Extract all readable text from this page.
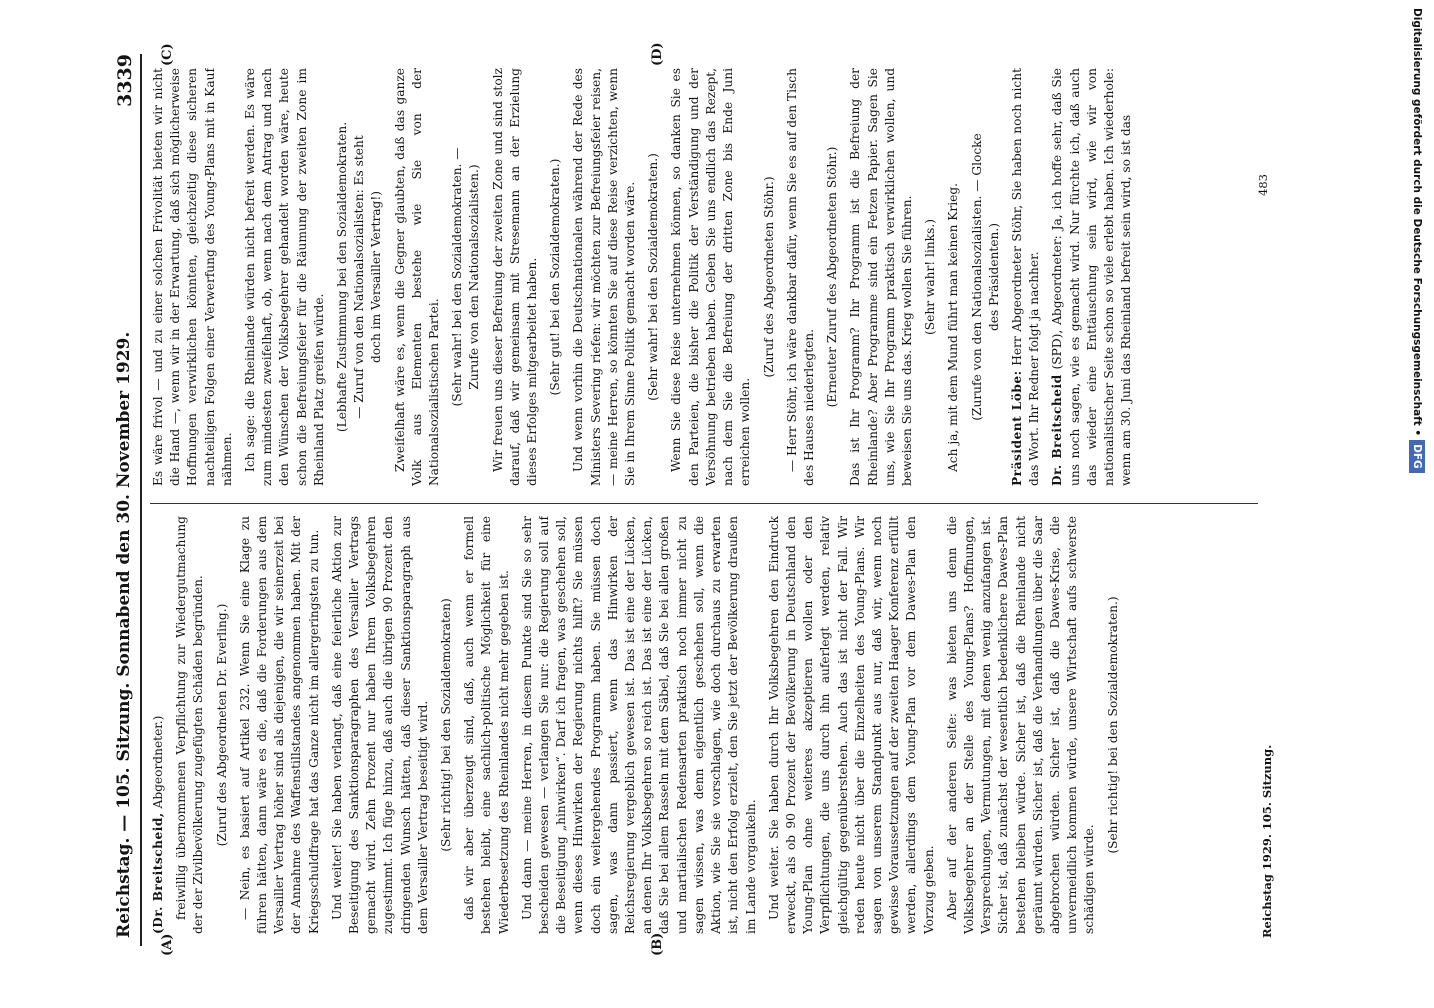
Reichstag. — 105. Sitzung. Sonnabend den 30. November 1929.
3339
(A)	(B)
(C)	(D)

(Dr. Breitscheid, Abgeordneter.) freiwillig übernommenen Verpflichtung zur Wiedergutmachung der der Zivilbevölkerung zugefügten Schäden begründen. (Zuruf des Abgeordneten Dr. Everling.) — Nein, es basiert auf Artikel 232. Wenn Sie eine Klage zu führen hätten, dann wäre es die, daß die Forderungen aus dem Versailler Vertrag höher sind als diejenigen, die wir seinerzeit bei der Annahme des Waffenstillstandes angenommen haben. Mit der Kriegsschuldfrage hat das Ganze nicht im allergeringsten zu tun. Und weiter! Sie haben verlangt, daß eine feierliche Aktion zur Beseitigung des Sanktionsparagraphen des Versailler Vertrags gemacht wird. Zehn Prozent nur haben Ihrem Volksbegehren zugestimmt. Ich füge hinzu, daß auch die übrigen 90 Prozent den dringenden Wunsch hätten, daß dieser Sanktionsparagraph aus dem Versailler Vertrag beseitigt wird. (Sehr richtig! bei den Sozialdemokraten) daß wir aber überzeugt sind, daß, auch wenn er formell bestehen bleibt, eine sachlich-politische Möglichkeit für eine Wiederbesetzung des Rheinlandes nicht mehr gegeben ist. Und dann — meine Herren, in diesem Punkte sind Sie so sehr bescheiden gewesen — verlangen Sie nur: die Regierung soll auf die Beseitigung „hinwirken“. Darf ich fragen, was geschehen soll, wenn dieses Hinwirken der Regierung nichts hilft? Sie müssen doch ein weitergehendes Programm haben. Sie müssen doch sagen, was dann passiert, wenn das Hinwirken der Reichsregierung vergeblich gewesen ist. Das ist eine der Lücken, an denen Ihr Volksbegehren so reich ist. Das ist eine der Lücken, daß Sie bei allem Rasseln mit dem Säbel, daß Sie bei allen großen und martialischen Redensarten praktisch noch immer nicht zu sagen wissen, was denn eigentlich geschehen soll, wenn die Aktion, wie Sie sie vorschlagen, wie doch durchaus zu erwarten ist, nicht den Erfolg erzielt, den Sie jetzt der Bevölkerung draußen im Lande vorgaukeln. Und weiter. Sie haben durch Ihr Volksbegehren den Eindruck erweckt, als ob 90 Prozent der Bevölkerung in Deutschland den Young-Plan ohne weiteres akzeptieren wollen oder den Verpflichtungen, die uns durch ihn auferlegt werden, relativ gleichgültig gegenüberstehen. Auch das ist nicht der Fall. Wir reden heute nicht über die Einzelheiten des Young-Plans. Wir sagen von unserem Standpunkt aus nur, daß wir, wenn noch gewisse Voraussetzungen auf der zweiten Haager Konferenz erfüllt werden, allerdings dem Young-Plan vor dem Dawes-Plan den Vorzug geben. Aber auf der anderen Seite: was bieten uns denn die Volksbegehrer an der Stelle des Young-Plans? Hoffnungen, Versprechungen, Vermutungen, mit denen wenig anzufangen ist. Sicher ist, daß zunächst der wesentlich bedenklichere Dawes-Plan bestehen bleiben würde. Sicher ist, daß die Rheinlande nicht geräumt würden. Sicher ist, daß die Verhandlungen über die Saar abgebrochen würden. Sicher ist, daß die Dawes-Krise, die unvermeidlich kommen würde, unsere Wirtschaft aufs schwerste schädigen würde.

(Sehr richtig! bei den Sozialdemokraten.)

Es wäre frivol — und zu einer solchen Frivolität bieten wir nicht die Hand —, wenn wir in der Erwartung, daß sich möglicherweise Hoffnungen verwirklichen könnten, gleichzeitig diese sicheren nachteiligen Folgen einer Verwerfung des Young-Plans mit in Kauf nähmen. Ich sage: die Rheinlande würden nicht befreit werden. Es wäre zum mindesten zweifelhaft, ob, wenn nach dem Antrag und nach den Wünschen der Volksbegehrer gehandelt worden wäre, heute schon die Befreiungsfeier für die Räumung der zweiten Zone im Rheinland Platz greifen würde. (Lebhafte Zustimmung bei den Sozialdemokraten. — Zuruf von den Nationalsozialisten: Es steht doch im Versailler Vertrag!) Zweifelhaft wäre es, wenn die Gegner glaubten, daß das ganze Volk aus Elementen bestehe wie Sie von der Nationalsozialistischen Partei. (Sehr wahr! bei den Sozialdemokraten. — Zurufe von den Nationalsozialisten.) Wir freuen uns dieser Befreiung der zweiten Zone und sind stolz darauf, daß wir gemeinsam mit Stresemann an der Erzielung dieses Erfolges mitgearbeitet haben. (Sehr gut! bei den Sozialdemokraten.) Und wenn vorhin die Deutschnationalen während der Rede des Ministers Severing riefen: wir möchten zur Befreiungsfeier reisen, — meine Herren, so könnten Sie auf diese Reise verzichten, wenn Sie in Ihrem Sinne Politik gemacht worden wäre. (Sehr wahr! bei den Sozialdemokraten.) Wenn Sie diese Reise unternehmen können, so danken Sie es den Parteien, die bisher die Politik der Verständigung und der Versöhnung betrieben haben. Geben Sie uns endlich das Rezept, nach dem Sie die Befreiung der dritten Zone bis Ende Juni erreichen wollen.

(Zuruf des Abgeordneten Stöhr.) — Herr Stöhr, ich wäre dankbar dafür, wenn Sie es auf den Tisch des Hauses niederlegten.

(Erneuter Zuruf des Abgeordneten Stöhr.) Das ist Ihr Programm? Ihr Programm ist die Befreiung der Rheinlande? Aber Programme sind ein Fetzen Papier. Sagen Sie uns, wie Sie Ihr Programm praktisch verwirklichen wollen, und beweisen Sie uns das. Krieg wollen Sie führen. (Sehr wahr! links.) Ach ja, mit dem Mund führt man keinen Krieg. (Zurufe von den Nationalsozialisten. — Glocke des Präsidenten.)

Präsident Löbe: Herr Abgeordneter Stöhr, Sie haben noch nicht das Wort. Ihr Redner folgt ja nachher. Dr. Breitscheid (SPD), Abgeordneter: Ja, ich hoffe sehr, daß Sie uns noch sagen, wie es gemacht wird. Nur fürchte ich, daß auch das wieder eine Enttäuschung sein wird, wie wir von nationalistischer Seite schon so viele erlebt haben. Ich wiederhole: wenn am 30. Juni das Rheinland befreit sein wird, so ist das

Reichstag 1929. 105. Sitzung.
483	Digitalisierung gefördert durch die Deutsche Forschungsgemeinschaft •DFG
